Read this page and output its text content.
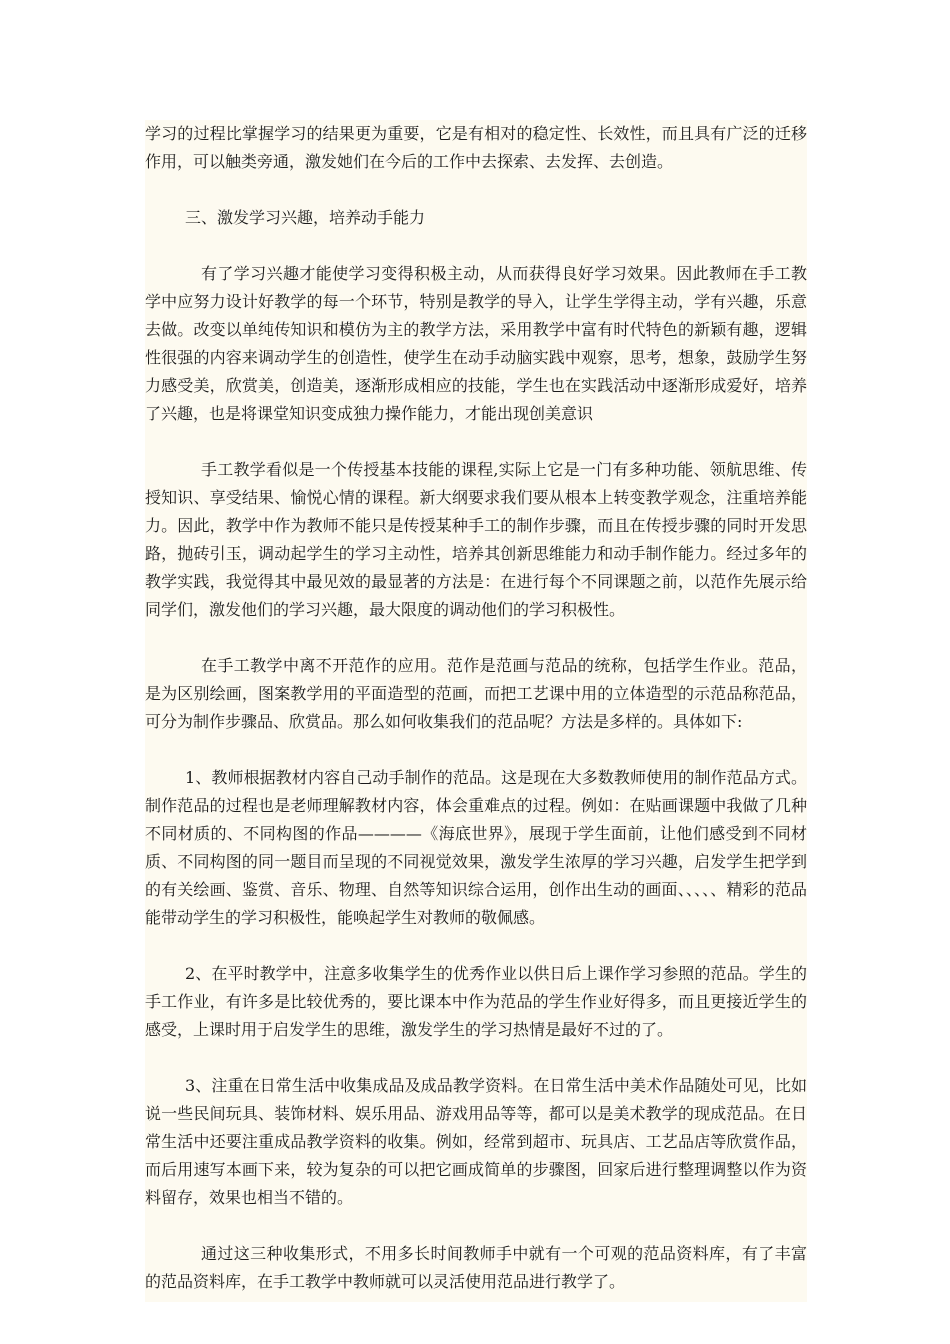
学习的过程比掌握学习的结果更为重要，它是有相对的稳定性、长效性，而且具有广泛的迁移作用，可以触类旁通，激发她们在今后的工作中去探索、去发挥、去创造。

三、激发学习兴趣，培养动手能力

有了学习兴趣才能使学习变得积极主动，从而获得良好学习效果。因此教师在手工教学中应努力设计好教学的每一个环节，特别是教学的导入，让学生学得主动，学有兴趣，乐意去做。改变以单纯传知识和模仿为主的教学方法，采用教学中富有时代特色的新颖有趣，逻辑性很强的内容来调动学生的创造性，使学生在动手动脑实践中观察，思考，想象，鼓励学生努力感受美，欣赏美，创造美，逐渐形成相应的技能，学生也在实践活动中逐渐形成爱好，培养了兴趣，也是将课堂知识变成独力操作能力，才能出现创美意识

手工教学看似是一个传授基本技能的课程,实际上它是一门有多种功能、领航思维、传授知识、享受结果、愉悦心情的课程。新大纲要求我们要从根本上转变教学观念，注重培养能力。因此，教学中作为教师不能只是传授某种手工的制作步骤，而且在传授步骤的同时开发思路，抛砖引玉，调动起学生的学习主动性，培养其创新思维能力和动手制作能力。经过多年的教学实践，我觉得其中最见效的最显著的方法是：在进行每个不同课题之前，以范作先展示给同学们，激发他们的学习兴趣，最大限度的调动他们的学习积极性。

在手工教学中离不开范作的应用。范作是范画与范品的统称，包括学生作业。范品，是为区别绘画，图案教学用的平面造型的范画，而把工艺课中用的立体造型的示范品称范品，可分为制作步骤品、欣赏品。那么如何收集我们的范品呢？方法是多样的。具体如下:

1、教师根据教材内容自己动手制作的范品。这是现在大多数教师使用的制作范品方式。制作范品的过程也是老师理解教材内容，体会重难点的过程。例如：在贴画课题中我做了几种不同材质的、不同构图的作品————《海底世界》，展现于学生面前，让他们感受到不同材质、不同构图的同一题目而呈现的不同视觉效果，激发学生浓厚的学习兴趣，启发学生把学到的有关绘画、鉴赏、音乐、物理、自然等知识综合运用，创作出生动的画面、、、、、精彩的范品能带动学生的学习积极性，能唤起学生对教师的敬佩感。

2、在平时教学中，注意多收集学生的优秀作业以供日后上课作学习参照的范品。学生的手工作业，有许多是比较优秀的，要比课本中作为范品的学生作业好得多，而且更接近学生的感受，上课时用于启发学生的思维，激发学生的学习热情是最好不过的了。

3、注重在日常生活中收集成品及成品教学资料。在日常生活中美术作品随处可见，比如说一些民间玩具、装饰材料、娱乐用品、游戏用品等等，都可以是美术教学的现成范品。在日常生活中还要注重成品教学资料的收集。例如，经常到超市、玩具店、工艺品店等欣赏作品，而后用速写本画下来，较为复杂的可以把它画成简单的步骤图，回家后进行整理调整以作为资料留存，效果也相当不错的。

通过这三种收集形式，不用多长时间教师手中就有一个可观的范品资料库，有了丰富的范品资料库，在手工教学中教师就可以灵活使用范品进行教学了。
